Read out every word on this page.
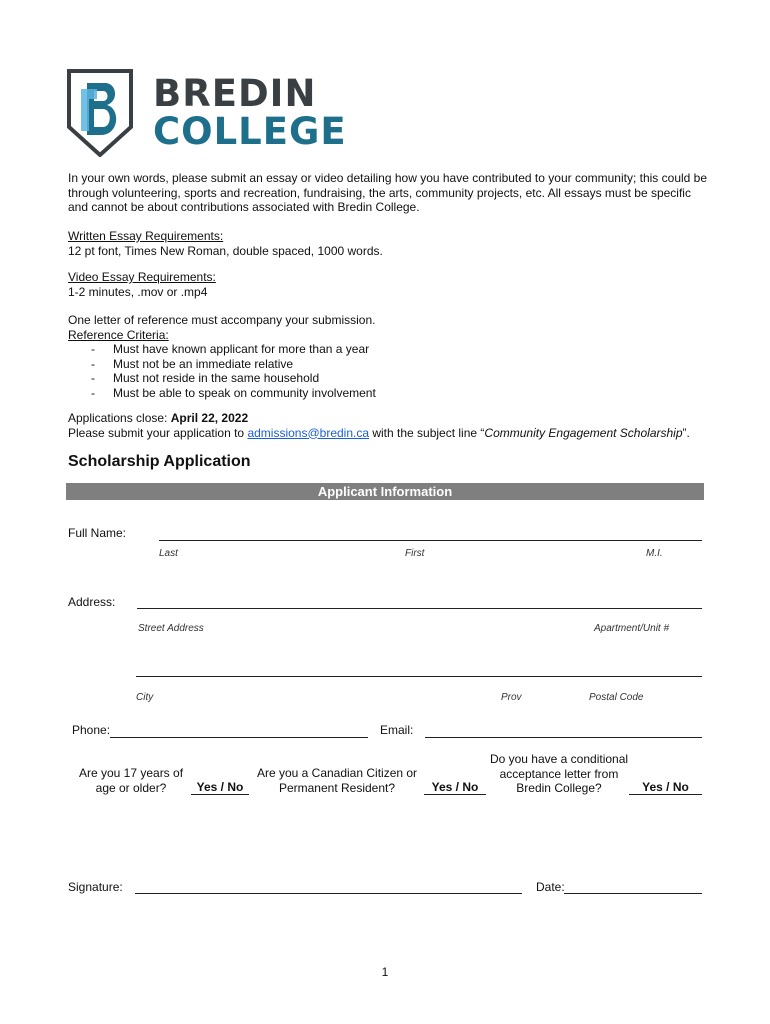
BREDIN
COLLEGE
In your own words, please submit an essay or video detailing how you have contributed to your community; this could be through volunteering, sports and recreation, fundraising, the arts, community projects, etc. All essays must be specific and cannot be about contributions associated with Bredin College.
Written Essay Requirements:
12 pt font, Times New Roman, double spaced, 1000 words.
Video Essay Requirements:
1-2 minutes, .mov or .mp4
One letter of reference must accompany your submission.
Reference Criteria:
- Must have known applicant for more than a year
- Must not be an immediate relative
- Must not reside in the same household
- Must be able to speak on community involvement
Applications close: April 22, 2022
Please submit your application to admissions@bredin.ca with the subject line “Community Engagement Scholarship”.
Scholarship Application
Applicant Information
Full Name:
Last	First	M.I.
Address:
Street Address	Apartment/Unit #
City	Prov	Postal Code
Phone:	Email:
Are you 17 years of age or older?	Yes / No
Are you a Canadian Citizen or Permanent Resident?	Yes / No
Do you have a conditional acceptance letter from Bredin College?	Yes / No
Signature:	Date:
1
